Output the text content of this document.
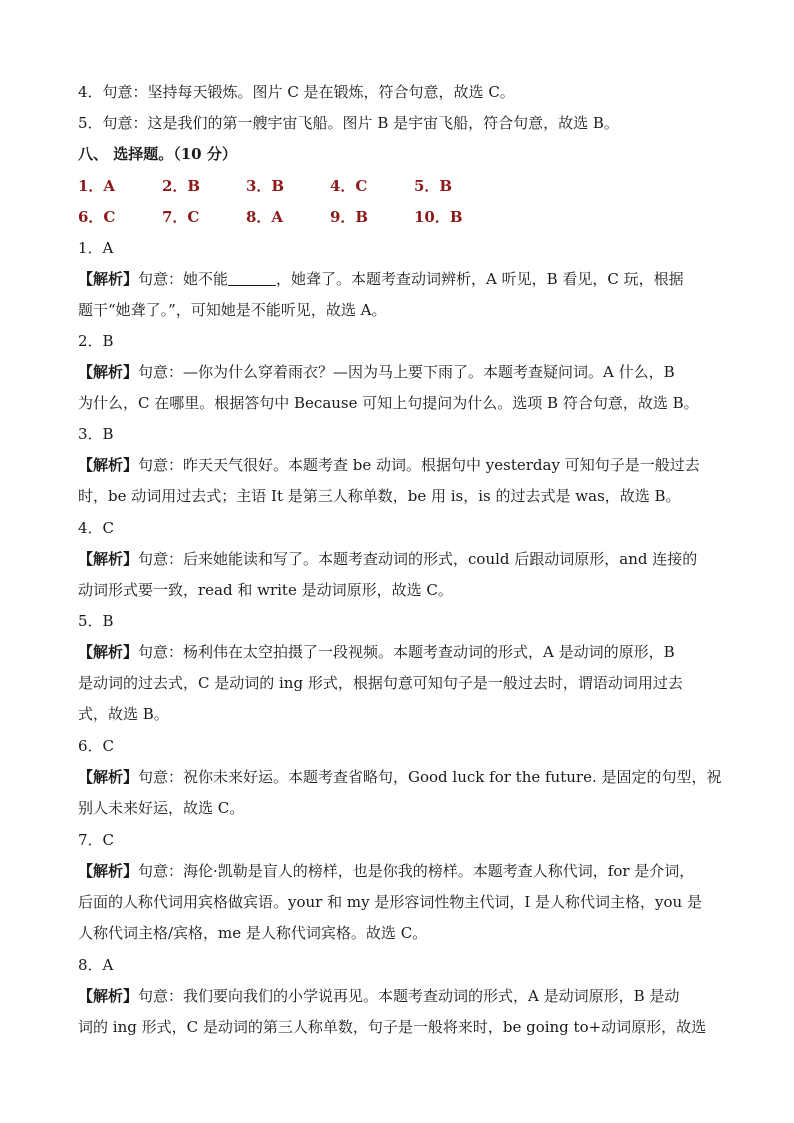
4．句意：坚持每天锻炼。图片 C 是在锻炼，符合句意，故选 C。
5．句意：这是我们的第一艘宇宙飞船。图片 B 是宇宙飞船，符合句意，故选 B。
八、 选择题。（10 分）
1．A	2．B	3．B	4．C	5．B
6．C	7．C	8．A	9．B	10．B
1．A
【解析】句意：她不能	，她聋了。本题考查动词辨析，A 听见，B 看见，C 玩，根据
题干“她聋了。”，可知她是不能听见，故选 A。
2．B
【解析】句意：—你为什么穿着雨衣？—因为马上要下雨了。本题考查疑问词。A 什么，B
为什么，C 在哪里。根据答句中 Because 可知上句提问为什么。选项 B 符合句意，故选 B。
3．B
【解析】句意：昨天天气很好。本题考查 be 动词。根据句中 yesterday 可知句子是一般过去
时，be 动词用过去式；主语 It 是第三人称单数，be 用 is，is 的过去式是 was，故选 B。
4．C
【解析】句意：后来她能读和写了。本题考查动词的形式，could 后跟动词原形，and 连接的
动词形式要一致，read 和 write 是动词原形，故选 C。
5．B
【解析】句意：杨利伟在太空拍摄了一段视频。本题考查动词的形式，A 是动词的原形，B
是动词的过去式，C 是动词的 ing 形式，根据句意可知句子是一般过去时，谓语动词用过去
式，故选 B。
6．C
【解析】句意：祝你未来好运。本题考查省略句，Good luck for the future. 是固定的句型，祝
别人未来好运，故选 C。
7．C
【解析】句意：海伦·凯勒是盲人的榜样，也是你我的榜样。本题考查人称代词，for 是介词，
后面的人称代词用宾格做宾语。your 和 my 是形容词性物主代词，I 是人称代词主格，you 是
人称代词主格/宾格，me 是人称代词宾格。故选 C。
8．A
【解析】句意：我们要向我们的小学说再见。本题考查动词的形式，A 是动词原形，B 是动
词的 ing 形式，C 是动词的第三人称单数，句子是一般将来时，be going to+动词原形，故选
